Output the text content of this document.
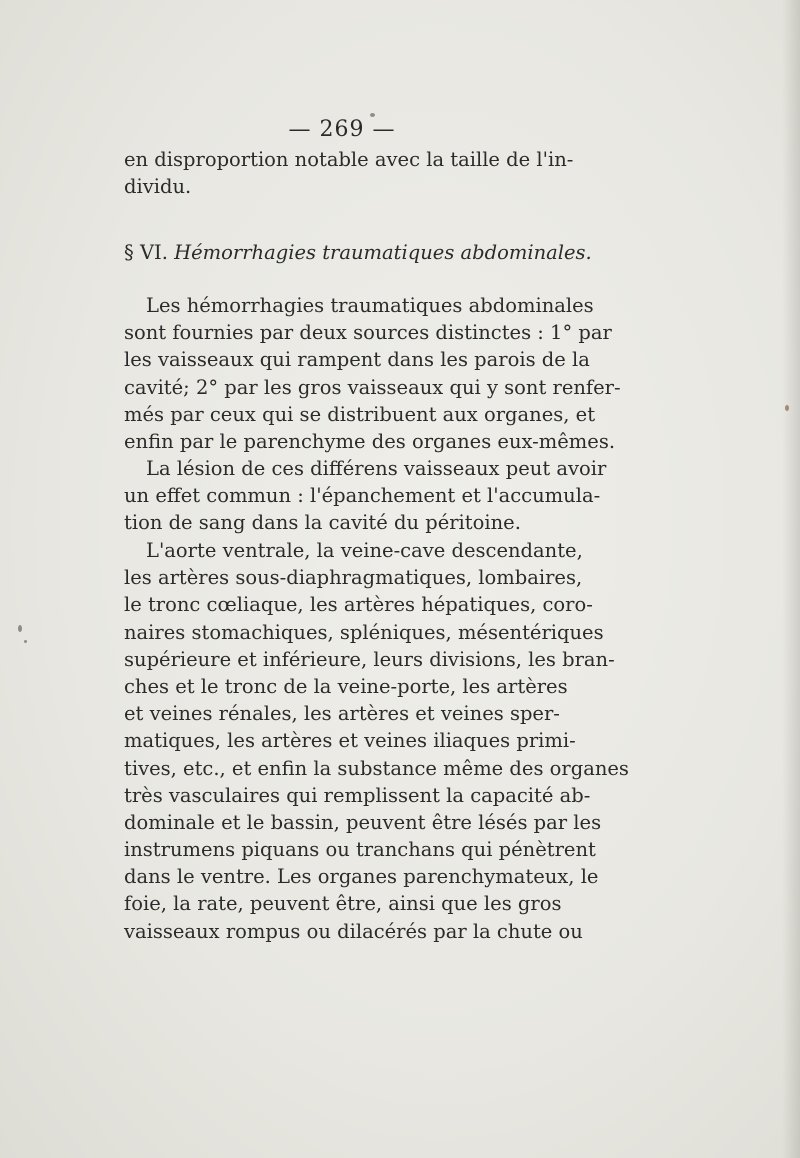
— 269 —
en disproportion notable avec la taille de l'in-
dividu.
§ VI. Hémorrhagies traumatiques abdominales.
Les hémorrhagies traumatiques abdominales
sont fournies par deux sources distinctes : 1° par
les vaisseaux qui rampent dans les parois de la
cavité; 2° par les gros vaisseaux qui y sont renfer-
més par ceux qui se distribuent aux organes, et
enfin par le parenchyme des organes eux-mêmes.
La lésion de ces différens vaisseaux peut avoir
un effet commun : l'épanchement et l'accumula-
tion de sang dans la cavité du péritoine.
L'aorte ventrale, la veine-cave descendante,
les artères sous-diaphragmatiques, lombaires,
le tronc cœliaque, les artères hépatiques, coro-
naires stomachiques, spléniques, mésentériques
supérieure et inférieure, leurs divisions, les bran-
ches et le tronc de la veine-porte, les artères
et veines rénales, les artères et veines sper-
matiques, les artères et veines iliaques primi-
tives, etc., et enfin la substance même des organes
très vasculaires qui remplissent la capacité ab-
dominale et le bassin, peuvent être lésés par les
instrumens piquans ou tranchans qui pénètrent
dans le ventre. Les organes parenchymateux, le
foie, la rate, peuvent être, ainsi que les gros
vaisseaux rompus ou dilacérés par la chute ou
